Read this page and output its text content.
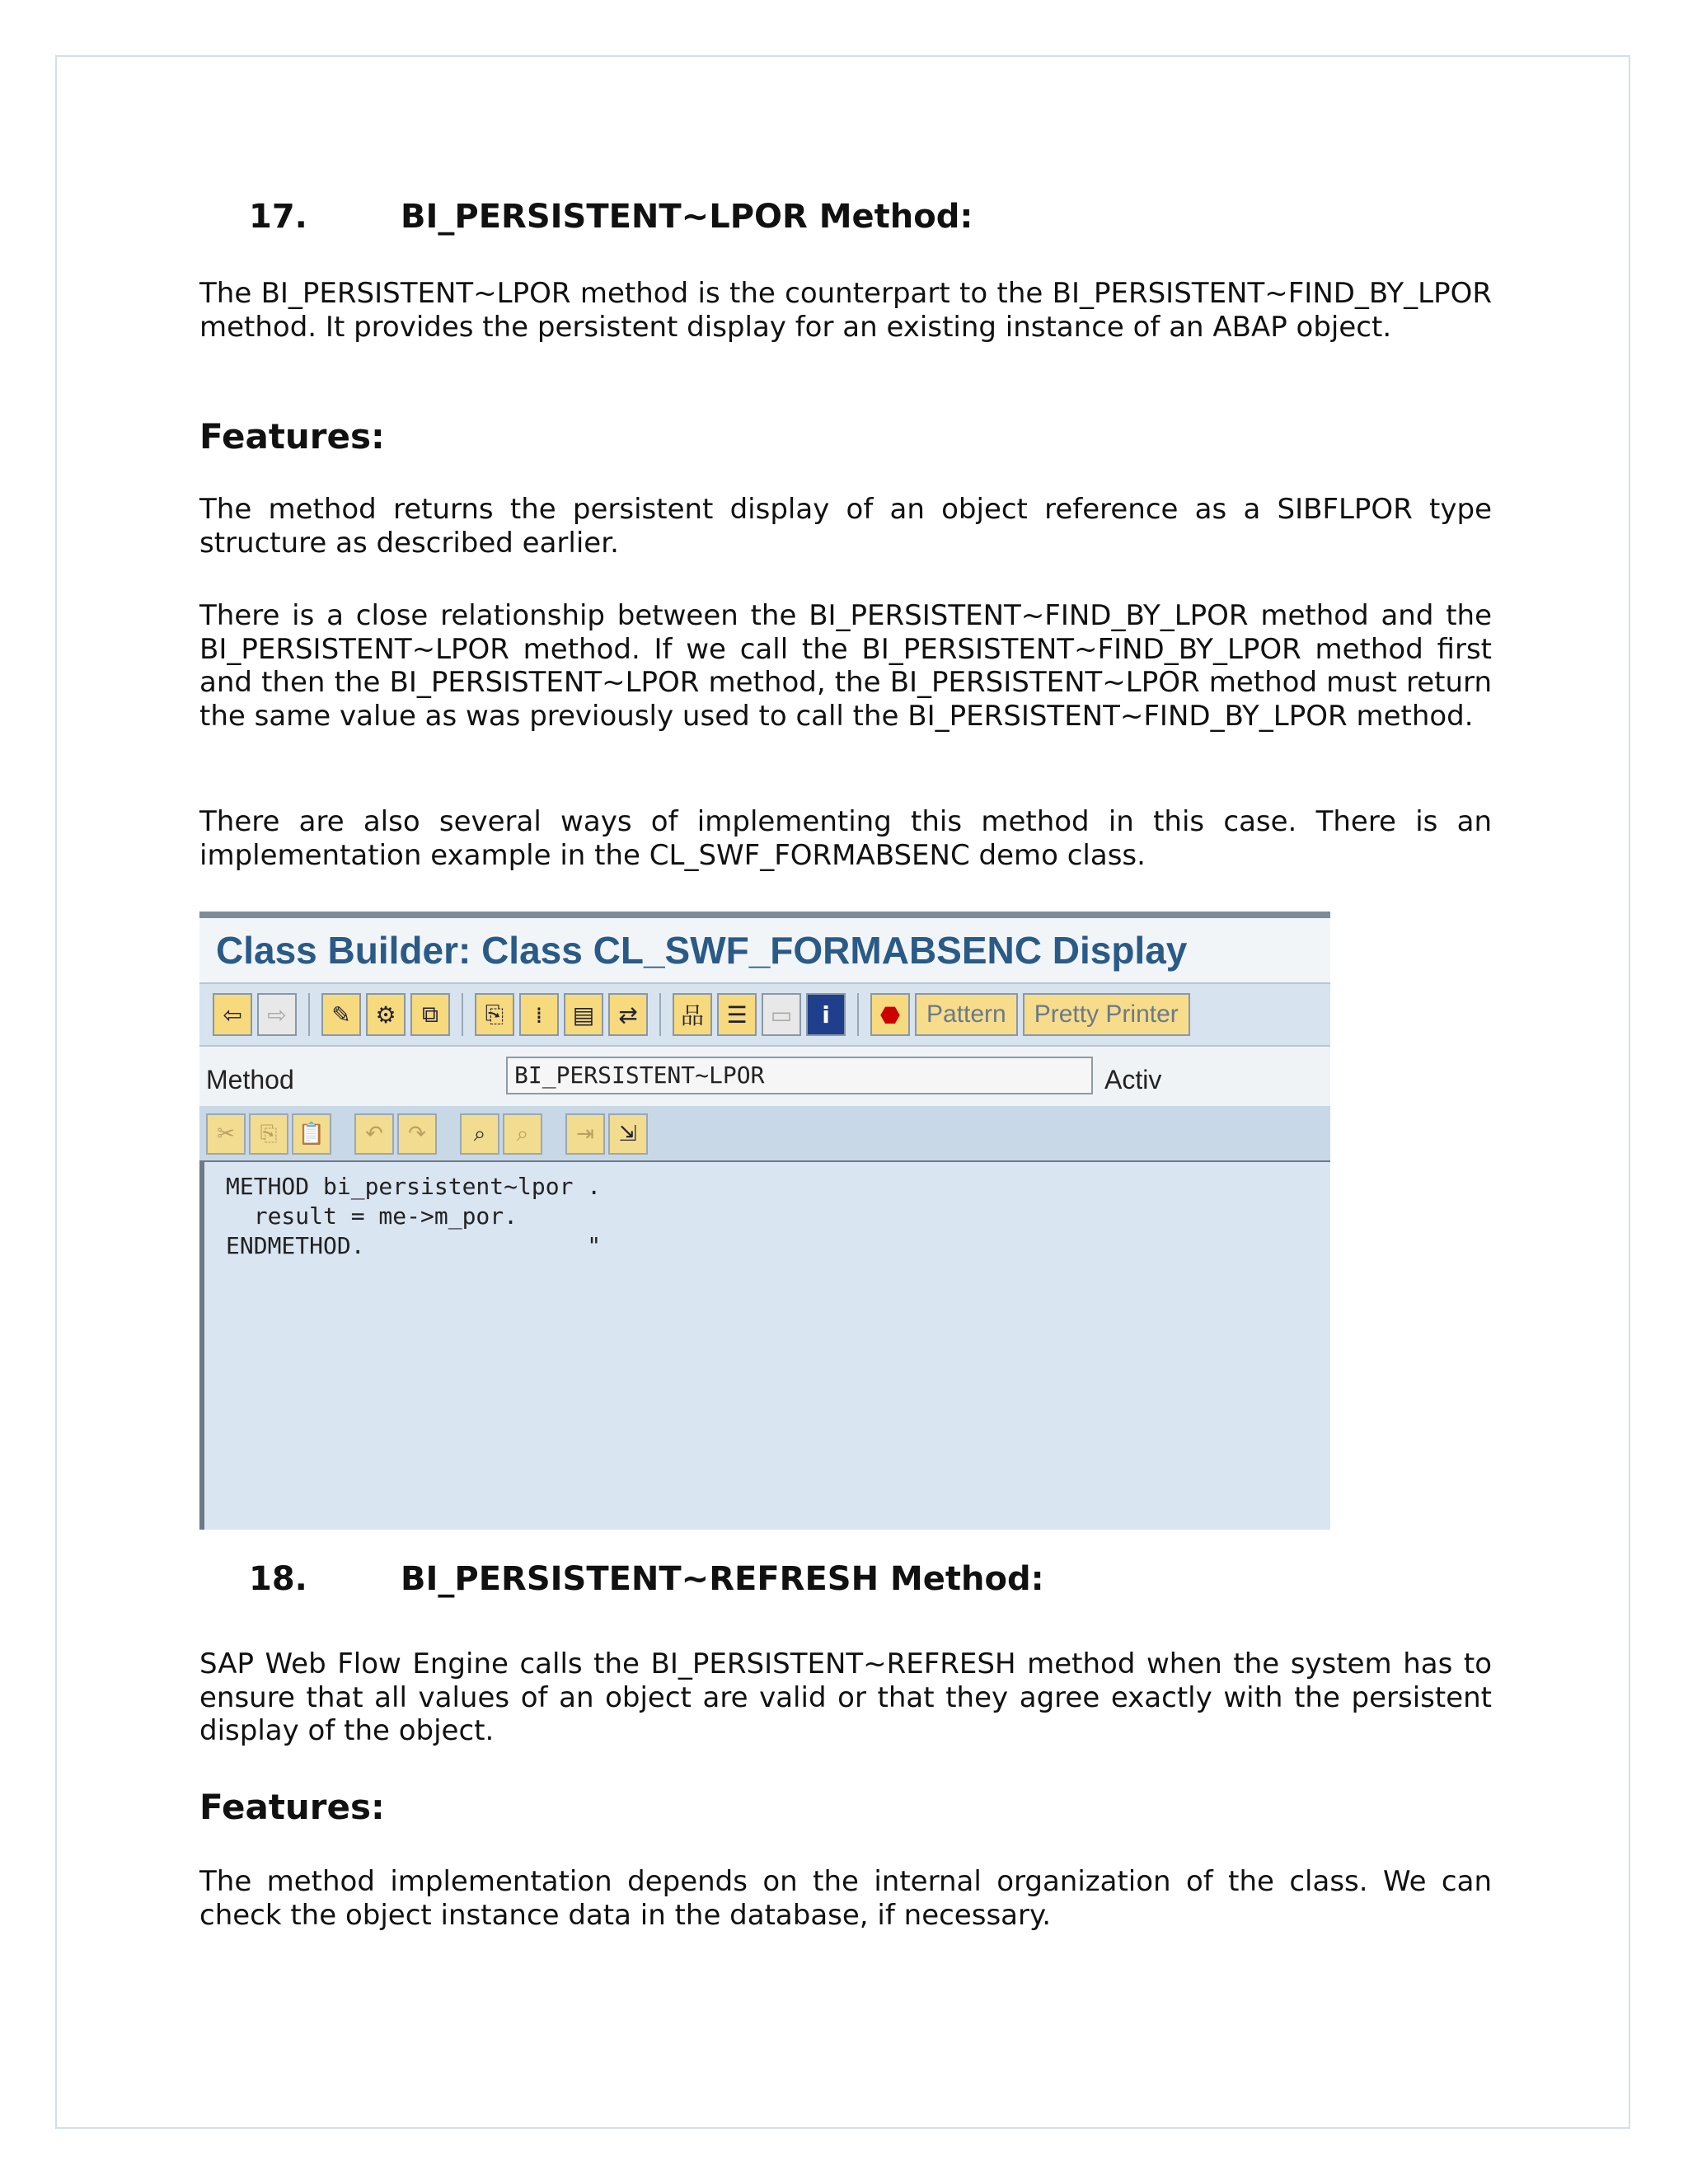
17.	BI_PERSISTENT~LPOR Method:
The BI_PERSISTENT~LPOR method is the counterpart to the BI_PERSISTENT~FIND_BY_LPOR method. It provides the persistent display for an existing instance of an ABAP object.
Features:
The method returns the persistent display of an object reference as a SIBFLPOR type structure as described earlier.
There is a close relationship between the BI_PERSISTENT~FIND_BY_LPOR method and the BI_PERSISTENT~LPOR method. If we call the BI_PERSISTENT~FIND_BY_LPOR method first and then the BI_PERSISTENT~LPOR method, the BI_PERSISTENT~LPOR method must return the same value as was previously used to call the BI_PERSISTENT~FIND_BY_LPOR method.
There are also several ways of implementing this method in this case. There is an implementation example in the CL_SWF_FORMABSENC demo class.
Class Builder: Class CL_SWF_FORMABSENC Display
⇦	⇨	✎	⚙	⧉	⎘	⁞	▤	⇄	品 ☰	▭	i	⬣	Pattern	Pretty Printer
Method	BI_PERSISTENT~LPOR	Activ
✂	⎘ 📋	↶	↷	⌕	⌕	⇥	⇲
METHOD bi_persistent~lpor .
result = me->m_por.
ENDMETHOD.                "
18.	BI_PERSISTENT~REFRESH Method:
SAP Web Flow Engine calls the BI_PERSISTENT~REFRESH method when the system has to ensure that all values of an object are valid or that they agree exactly with the persistent display of the object.
Features:
The method implementation depends on the internal organization of the class. We can check the object instance data in the database, if necessary.
